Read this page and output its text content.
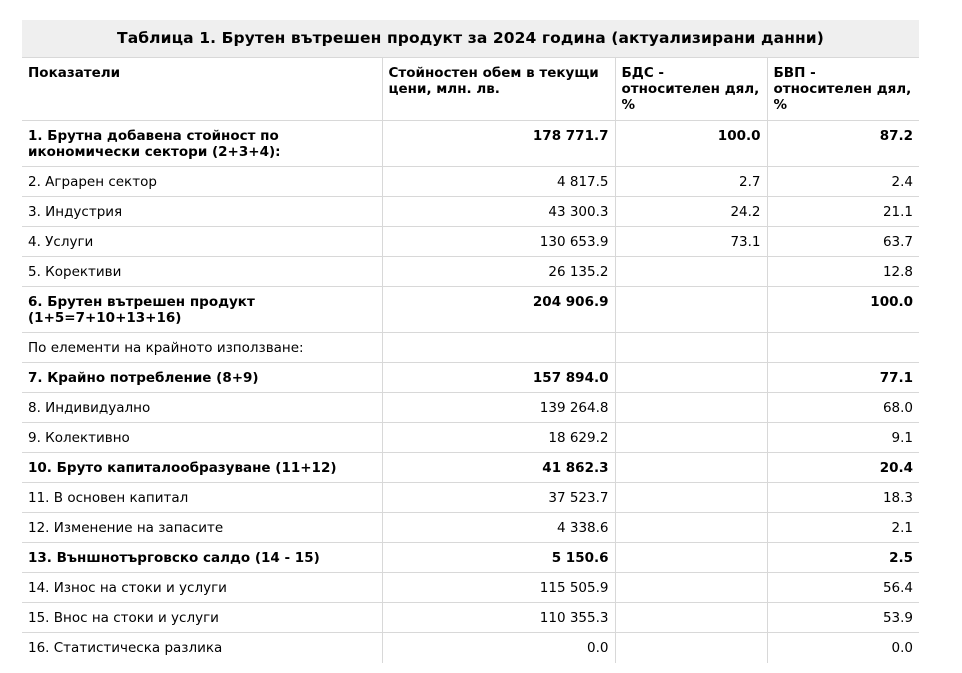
Таблица 1. Брутен вътрешен продукт за 2024 година (актуализирани данни)
Показатели	Стойностен обем в текущи цени, млн. лв.	БДС - относителен дял, %	БВП - относителен дял, %
1. Брутна добавена стойност по икономически сектори (2+3+4):	178 771.7	100.0	87.2
2. Аграрен сектор	4 817.5	2.7	2.4
3. Индустрия	43 300.3	24.2	21.1
4. Услуги	130 653.9	73.1	63.7
5. Корективи	26 135.2		12.8
6. Брутен вътрешен продукт (1+5=7+10+13+16)	204 906.9		100.0
По елементи на крайното използване:			
7. Крайно потребление (8+9)	157 894.0		77.1
8. Индивидуално	139 264.8		68.0
9. Колективно	18 629.2		9.1
10. Бруто капиталообразуване (11+12)	41 862.3		20.4
11. В основен капитал	37 523.7		18.3
12. Изменение на запасите	4 338.6		2.1
13. Външнотърговско салдо (14 - 15)	5 150.6		2.5
14. Износ на стоки и услуги	115 505.9		56.4
15. Внос на стоки и услуги	110 355.3		53.9
16. Статистическа разлика	0.0		0.0
